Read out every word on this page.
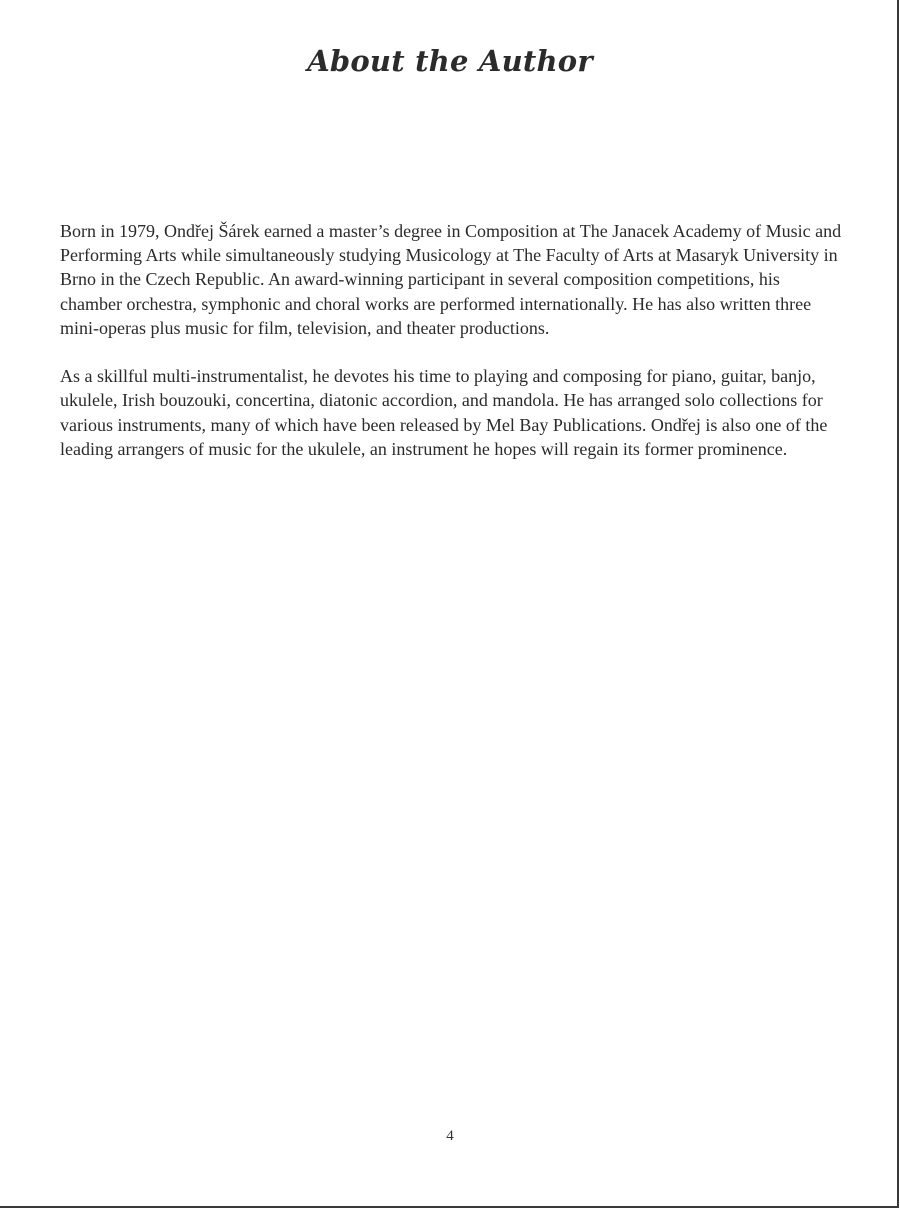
About the Author

Born in 1979, Ondřej Šárek earned a master’s degree in Composition at The Janacek Academy of Music and Performing Arts while simultaneously studying Musicology at The Faculty of Arts at Masaryk University in Brno in the Czech Republic. An award-winning participant in several composition competitions, his chamber orchestra, symphonic and choral works are performed internationally. He has also written three mini-operas plus music for film, television, and theater productions.

As a skillful multi-instrumentalist, he devotes his time to playing and composing for piano, guitar, banjo, ukulele, Irish bouzouki, concertina, diatonic accordion, and mandola. He has arranged solo collections for various instruments, many of which have been released by Mel Bay Publications. Ondřej is also one of the leading arrangers of music for the ukulele, an instrument he hopes will regain its former prominence.

4
